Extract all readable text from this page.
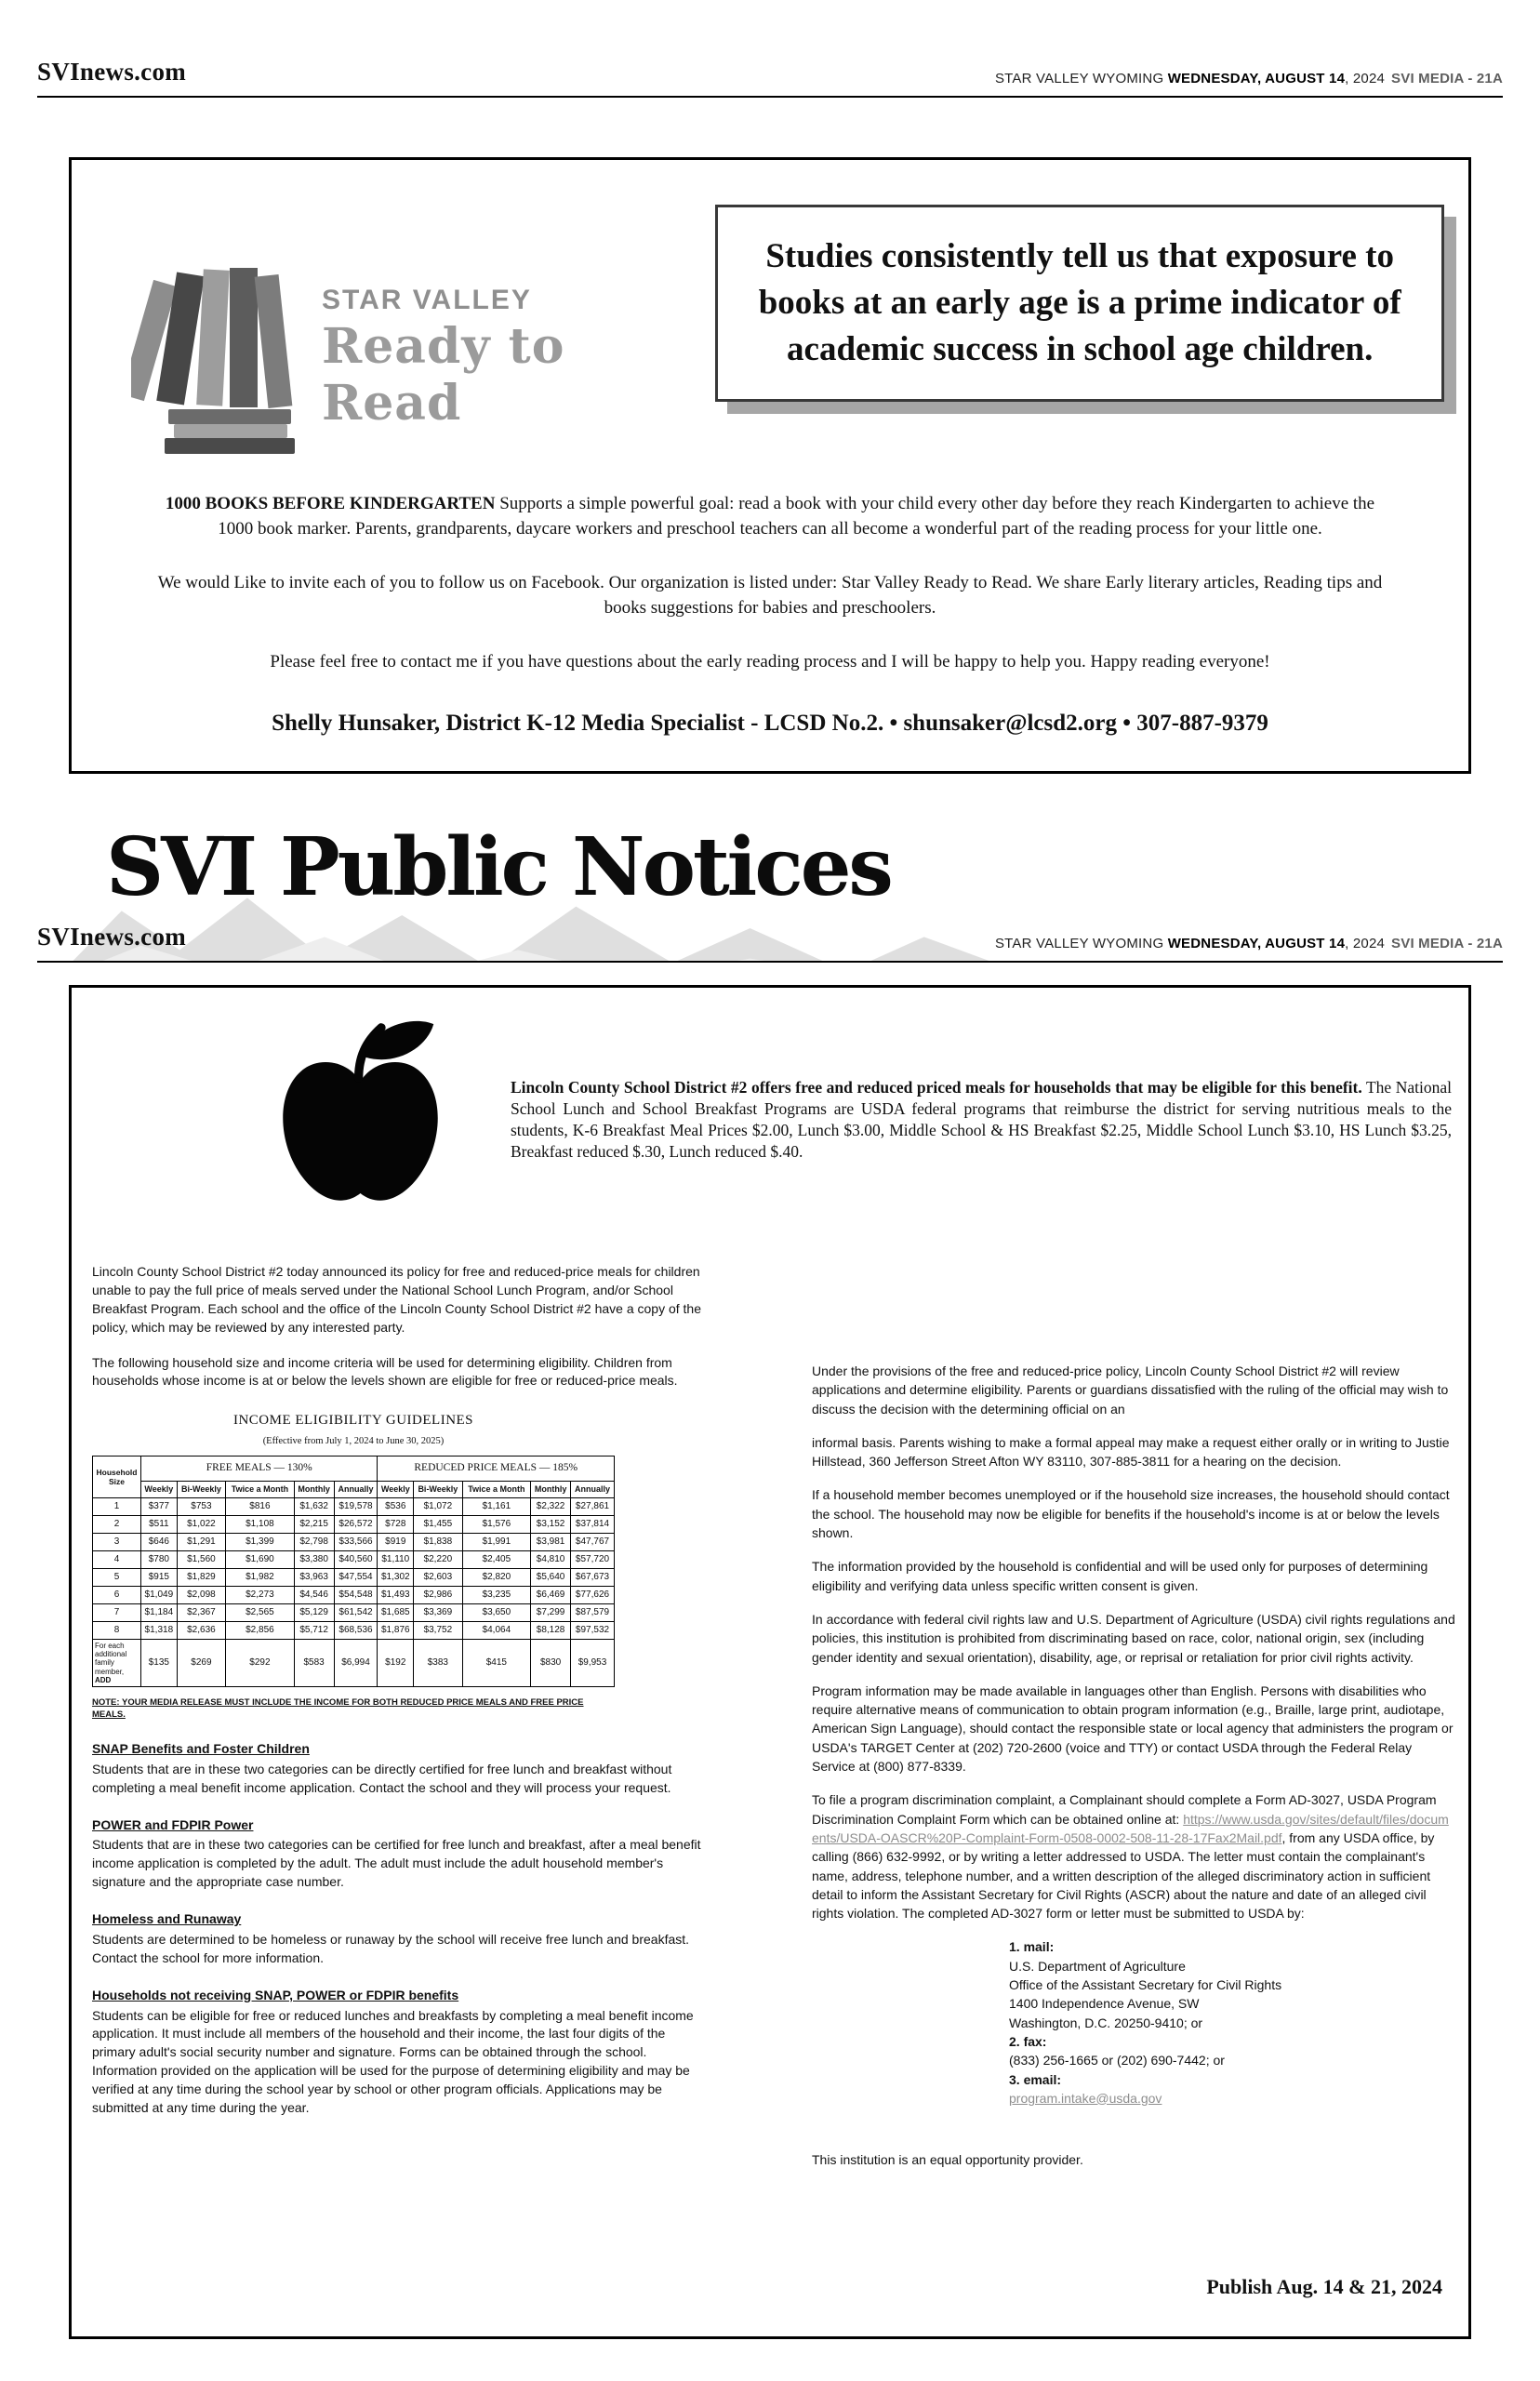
SVInews.com	STAR VALLEY WYOMING WEDNESDAY, AUGUST 14, 2024 SVI MEDIA - 21A
STAR VALLEY
Ready to Read
Studies consistently tell us that exposure to books at an early age is a prime indicator of academic success in school age children.

1000 BOOKS BEFORE KINDERGARTEN Supports a simple powerful goal: read a book with your child every other day before they reach Kindergarten to achieve the 1000 book marker. Parents, grandparents, daycare workers and preschool teachers can all become a wonderful part of the reading process for your little one.

We would Like to invite each of you to follow us on Facebook. Our organization is listed under: Star Valley Ready to Read. We share Early literary articles, Reading tips and books suggestions for babies and preschoolers.

Please feel free to contact me if you have questions about the early reading process and I will be happy to help you. Happy reading everyone!

Shelly Hunsaker, District K-12 Media Specialist - LCSD No.2. • shunsaker@lcsd2.org • 307-887-9379

SVI Public Notices
SVInews.com	STAR VALLEY WYOMING WEDNESDAY, AUGUST 14, 2024 SVI MEDIA - 21A

Lincoln County School District #2 offers free and reduced priced meals for households that may be eligible for this benefit. The National School Lunch and School Breakfast Programs are USDA federal programs that reimburse the district for serving nutritious meals to the students, K-6 Breakfast Meal Prices $2.00, Lunch $3.00, Middle School & HS Breakfast $2.25, Middle School Lunch $3.10, HS Lunch $3.25, Breakfast reduced $.30, Lunch reduced $.40.

Lincoln County School District #2 today announced its policy for free and reduced-price meals for children unable to pay the full price of meals served under the National School Lunch Program, and/or School Breakfast Program. Each school and the office of the Lincoln County School District #2 have a copy of the policy, which may be reviewed by any interested party.

The following household size and income criteria will be used for determining eligibility. Children from households whose income is at or below the levels shown are eligible for free or reduced-price meals.

INCOME ELIGIBILITY GUIDELINES
(Effective from July 1, 2024 to June 30, 2025)
Household Size	FREE MEALS — 130%					REDUCED PRICE MEALS — 185%				
	Weekly	Bi-Weekly	Twice a Month	Monthly	Annually	Weekly	Bi-Weekly	Twice a Month	Monthly	Annually
1	$377	$753	$816	$1,632	$19,578	$536	$1,072	$1,161	$2,322	$27,861
2	$511	$1,022	$1,108	$2,215	$26,572	$728	$1,455	$1,576	$3,152	$37,814
3	$646	$1,291	$1,399	$2,798	$33,566	$919	$1,838	$1,991	$3,981	$47,767
4	$780	$1,560	$1,690	$3,380	$40,560	$1,110	$2,220	$2,405	$4,810	$57,720
5	$915	$1,829	$1,982	$3,963	$47,554	$1,302	$2,603	$2,820	$5,640	$67,673
6	$1,049	$2,098	$2,273	$4,546	$54,548	$1,493	$2,986	$3,235	$6,469	$77,626
7	$1,184	$2,367	$2,565	$5,129	$61,542	$1,685	$3,369	$3,650	$7,299	$87,579
8	$1,318	$2,636	$2,856	$5,712	$68,536	$1,876	$3,752	$4,064	$8,128	$97,532
For each additional family member,
ADD	$135	$269	$292	$583	$6,994	$192	$383	$415	$830	$9,953
NOTE: YOUR MEDIA RELEASE MUST INCLUDE THE INCOME FOR BOTH REDUCED PRICE MEALS AND FREE PRICE MEALS.
SNAP Benefits and Foster Children
Students that are in these two categories can be directly certified for free lunch and breakfast without completing a meal benefit income application. Contact the school and they will process your request.
POWER and FDPIR Power
Students that are in these two categories can be certified for free lunch and breakfast, after a meal benefit income application is completed by the adult. The adult must include the adult household member's signature and the appropriate case number.
Homeless and Runaway
Students are determined to be homeless or runaway by the school will receive free lunch and breakfast. Contact the school for more information.
Households not receiving SNAP, POWER or FDPIR benefits
Students can be eligible for free or reduced lunches and breakfasts by completing a meal benefit income application. It must include all members of the household and their income, the last four digits of the primary adult's social security number and signature. Forms can be obtained through the school. Information provided on the application will be used for the purpose of determining eligibility and may be verified at any time during the school year by school or other program officials. Applications may be submitted at any time during the year.

Under the provisions of the free and reduced-price policy, Lincoln County School District #2 will review applications and determine eligibility. Parents or guardians dissatisfied with the ruling of the official may wish to discuss the decision with the determining official on an

informal basis. Parents wishing to make a formal appeal may make a request either orally or in writing to Justie Hillstead, 360 Jefferson Street Afton WY 83110, 307-885-3811 for a hearing on the decision.

If a household member becomes unemployed or if the household size increases, the household should contact the school. The household may now be eligible for benefits if the household's income is at or below the levels shown.

The information provided by the household is confidential and will be used only for purposes of determining eligibility and verifying data unless specific written consent is given.

In accordance with federal civil rights law and U.S. Department of Agriculture (USDA) civil rights regulations and policies, this institution is prohibited from discriminating based on race, color, national origin, sex (including gender identity and sexual orientation), disability, age, or reprisal or retaliation for prior civil rights activity.

Program information may be made available in languages other than English. Persons with disabilities who require alternative means of communication to obtain program information (e.g., Braille, large print, audiotape, American Sign Language), should contact the responsible state or local agency that administers the program or USDA's TARGET Center at (202) 720-2600 (voice and TTY) or contact USDA through the Federal Relay Service at (800) 877-8339.

To file a program discrimination complaint, a Complainant should complete a Form AD-3027, USDA Program Discrimination Complaint Form which can be obtained online at: https://www.usda.gov/sites/default/files/documents/USDA-OASCR%20P-Complaint-Form-0508-0002-508-11-28-17Fax2Mail.pdf, from any USDA office, by calling (866) 632-9992, or by writing a letter addressed to USDA. The letter must contain the complainant's name, address, telephone number, and a written description of the alleged discriminatory action in sufficient detail to inform the Assistant Secretary for Civil Rights (ASCR) about the nature and date of an alleged civil rights violation. The completed AD-3027 form or letter must be submitted to USDA by:

1. mail:
U.S. Department of Agriculture
Office of the Assistant Secretary for Civil Rights
1400 Independence Avenue, SW
Washington, D.C. 20250-9410; or
2. fax:
(833) 256-1665 or (202) 690-7442; or
3. email:
program.intake@usda.gov

This institution is an equal opportunity provider.

Publish Aug. 14 & 21, 2024
